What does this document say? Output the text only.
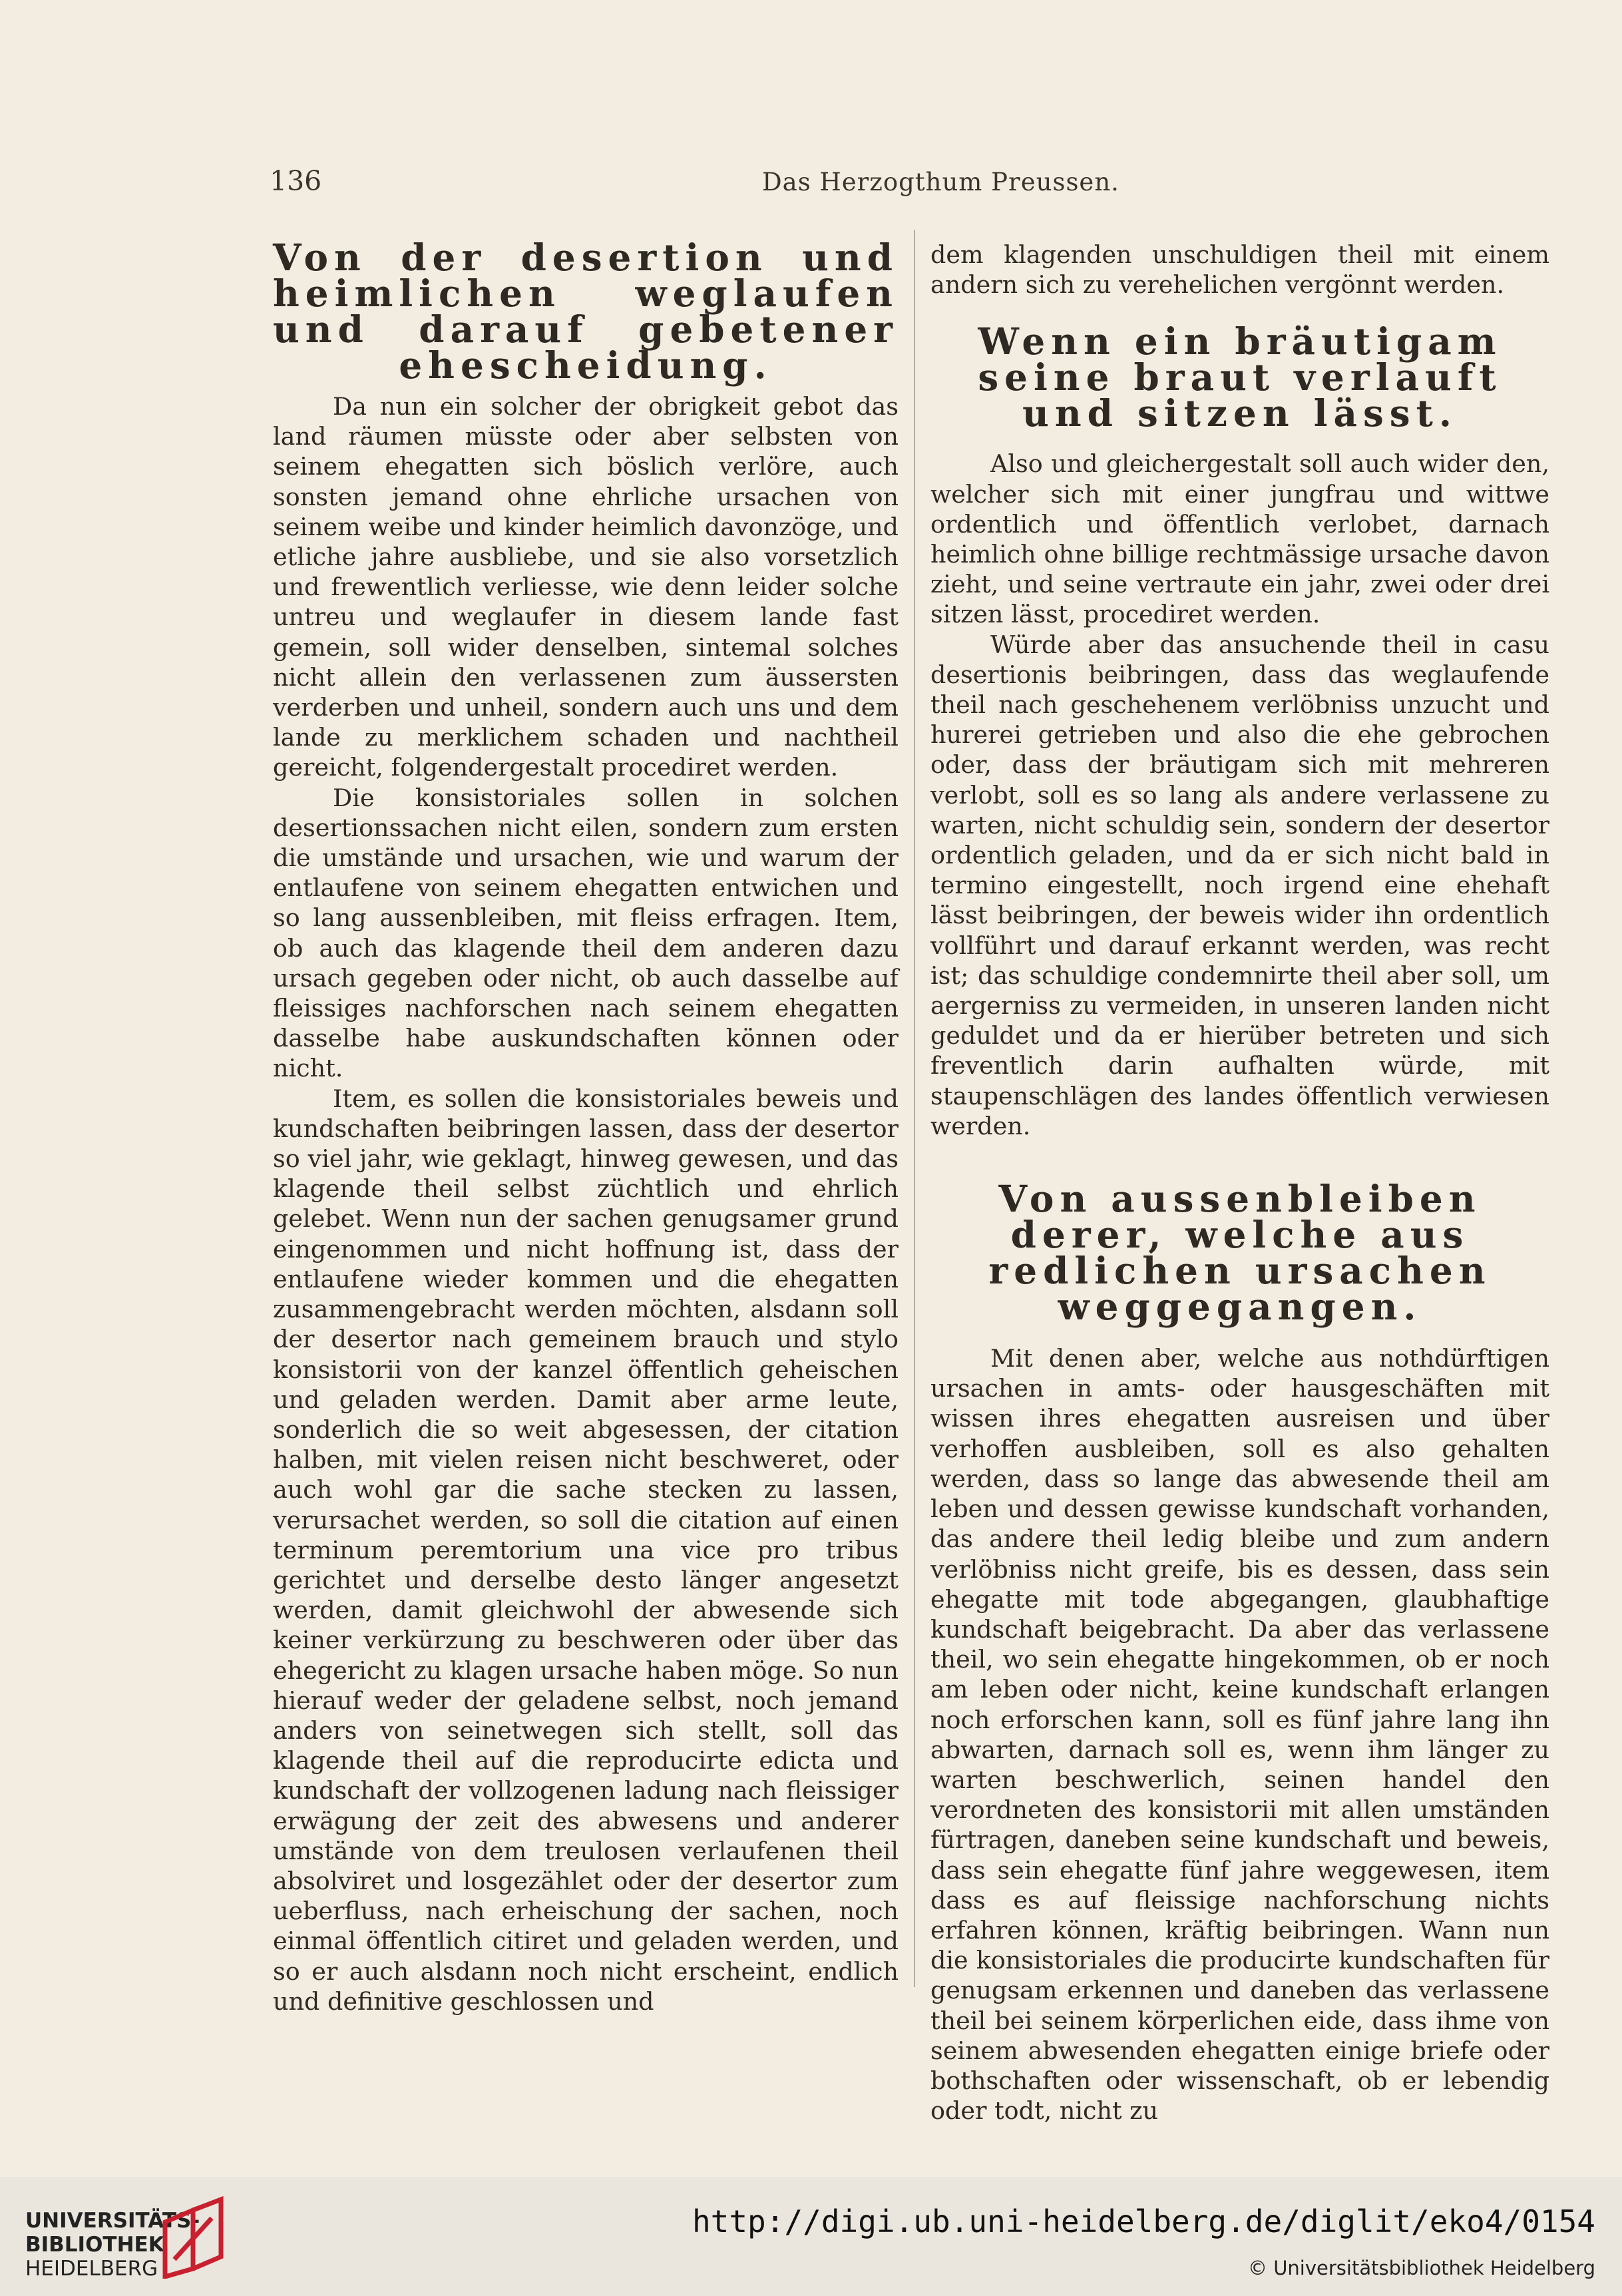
136	Das Herzogthum Preussen.
Von der desertion und heimlichen weglaufen und darauf gebetener ehescheidung.

Da nun ein solcher der obrigkeit gebot das land räumen müsste oder aber selbsten von seinem ehegatten sich böslich verlöre, auch sonsten jemand ohne ehrliche ursachen von seinem weibe und kinder heimlich davonzöge, und etliche jahre ausbliebe, und sie also vorsetzlich und frewentlich verliesse, wie denn leider solche untreu und weglaufer in diesem lande fast gemein, soll wider denselben, sintemal solches nicht allein den verlassenen zum äussersten verderben und unheil, sondern auch uns und dem lande zu merklichem schaden und nachtheil gereicht, folgendergestalt procediret werden.

Die konsistoriales sollen in solchen desertionssachen nicht eilen, sondern zum ersten die umstände und ursachen, wie und warum der entlaufene von seinem ehegatten entwichen und so lang aussenbleiben, mit fleiss erfragen. Item, ob auch das klagende theil dem anderen dazu ursach gegeben oder nicht, ob auch dasselbe auf fleissiges nachforschen nach seinem ehegatten dasselbe habe auskundschaften können oder nicht.

Item, es sollen die konsistoriales beweis und kundschaften beibringen lassen, dass der desertor so viel jahr, wie geklagt, hinweg gewesen, und das klagende theil selbst züchtlich und ehrlich gelebet. Wenn nun der sachen genugsamer grund eingenommen und nicht hoffnung ist, dass der entlaufene wieder kommen und die ehegatten zusammengebracht werden möchten, alsdann soll der desertor nach gemeinem brauch und stylo konsistorii von der kanzel öffentlich geheischen und geladen werden. Damit aber arme leute, sonderlich die so weit abgesessen, der citation halben, mit vielen reisen nicht beschweret, oder auch wohl gar die sache stecken zu lassen, verursachet werden, so soll die citation auf einen terminum peremtorium una vice pro tribus gerichtet und derselbe desto länger angesetzt werden, damit gleichwohl der abwesende sich keiner verkürzung zu beschweren oder über das ehegericht zu klagen ursache haben möge. So nun hierauf weder der geladene selbst, noch jemand anders von seinetwegen sich stellt, soll das klagende theil auf die reproducirte edicta und kundschaft der vollzogenen ladung nach fleissiger erwägung der zeit des abwesens und anderer umstände von dem treulosen verlaufenen theil absolviret und losgezählet oder der desertor zum ueberfluss, nach erheischung der sachen, noch einmal öffentlich citiret und geladen werden, und so er auch alsdann noch nicht erscheint, endlich und definitive geschlossen und

dem klagenden unschuldigen theil mit einem andern sich zu verehelichen vergönnt werden.

Wenn ein bräutigam seine braut verlauft und sitzen lässt.

Also und gleichergestalt soll auch wider den, welcher sich mit einer jungfrau und wittwe ordentlich und öffentlich verlobet, darnach heimlich ohne billige rechtmässige ursache davon zieht, und seine vertraute ein jahr, zwei oder drei sitzen lässt, procediret werden.

Würde aber das ansuchende theil in casu desertionis beibringen, dass das weglaufende theil nach geschehenem verlöbniss unzucht und hurerei getrieben und also die ehe gebrochen oder, dass der bräutigam sich mit mehreren verlobt, soll es so lang als andere verlassene zu warten, nicht schuldig sein, sondern der desertor ordentlich geladen, und da er sich nicht bald in termino eingestellt, noch irgend eine ehehaft lässt beibringen, der beweis wider ihn ordentlich vollführt und darauf erkannt werden, was recht ist; das schuldige condemnirte theil aber soll, um aergerniss zu vermeiden, in unseren landen nicht geduldet und da er hierüber betreten und sich freventlich darin aufhalten würde, mit staupenschlägen des landes öffentlich verwiesen werden.

Von aussenbleiben derer, welche aus redlichen ursachen weggegangen.

Mit denen aber, welche aus nothdürftigen ursachen in amts- oder hausgeschäften mit wissen ihres ehegatten ausreisen und über verhoffen ausbleiben, soll es also gehalten werden, dass so lange das abwesende theil am leben und dessen gewisse kundschaft vorhanden, das andere theil ledig bleibe und zum andern verlöbniss nicht greife, bis es dessen, dass sein ehegatte mit tode abgegangen, glaubhaftige kundschaft beigebracht. Da aber das verlassene theil, wo sein ehegatte hingekommen, ob er noch am leben oder nicht, keine kundschaft erlangen noch erforschen kann, soll es fünf jahre lang ihn abwarten, darnach soll es, wenn ihm länger zu warten beschwerlich, seinen handel den verordneten des konsistorii mit allen umständen fürtragen, daneben seine kundschaft und beweis, dass sein ehegatte fünf jahre weggewesen, item dass es auf fleissige nachforschung nichts erfahren können, kräftig beibringen. Wann nun die konsistoriales die producirte kundschaften für genugsam erkennen und daneben das verlassene theil bei seinem körperlichen eide, dass ihme von seinem abwesenden ehegatten einige briefe oder bothschaften oder wissenschaft, ob er lebendig oder todt, nicht zu

UNIVERSITÄTS-
BIBLIOTHEK
HEIDELBERG
http://digi.ub.uni-heidelberg.de/diglit/eko4/0154
© Universitätsbibliothek Heidelberg
